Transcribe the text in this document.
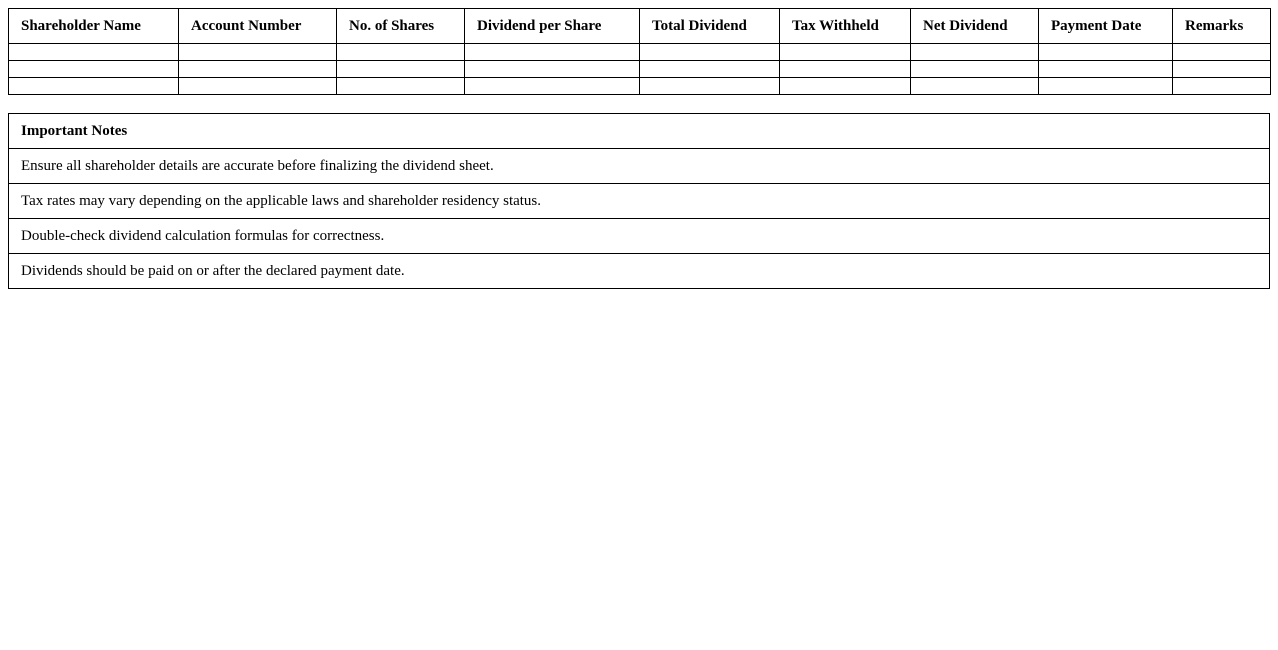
Shareholder Name	Account Number	No. of Shares	Dividend per Share	Total Dividend	Tax Withheld	Net Dividend	Payment Date	Remarks

Important Notes
Ensure all shareholder details are accurate before finalizing the dividend sheet.
Tax rates may vary depending on the applicable laws and shareholder residency status.
Double-check dividend calculation formulas for correctness.
Dividends should be paid on or after the declared payment date.
